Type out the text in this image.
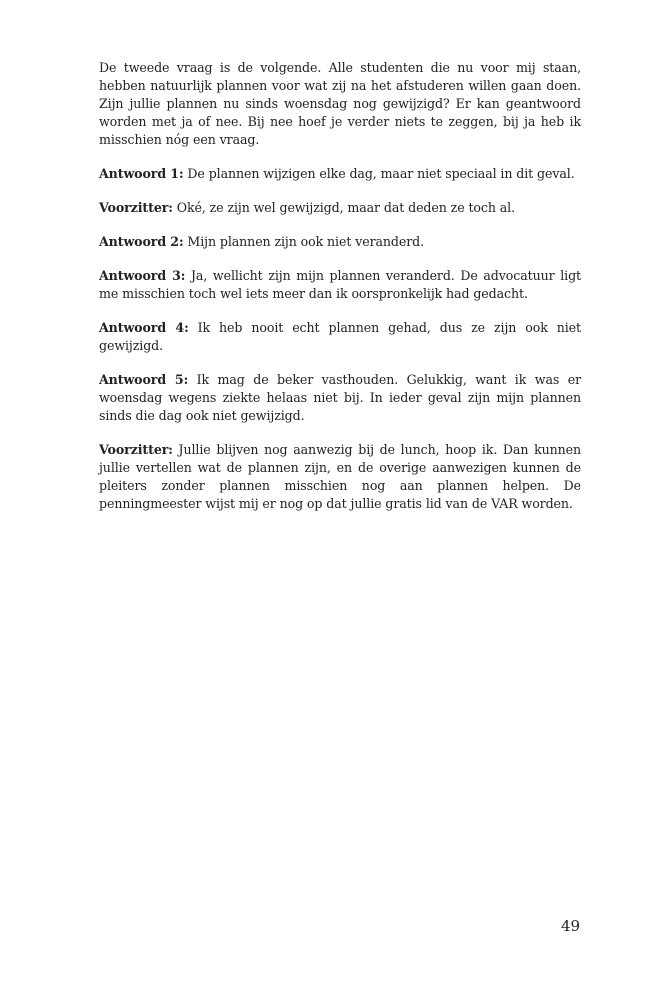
De tweede vraag is de volgende. Alle studenten die nu voor mij staan, hebben natuurlijk plannen voor wat zij na het afstuderen willen gaan doen. Zijn jullie plannen nu sinds woensdag nog gewijzigd? Er kan geantwoord worden met ja of nee. Bij nee hoef je verder niets te zeggen, bij ja heb ik misschien nóg een vraag.

Antwoord 1: De plannen wijzigen elke dag, maar niet speciaal in dit geval.

Voorzitter: Oké, ze zijn wel gewijzigd, maar dat deden ze toch al.

Antwoord 2: Mijn plannen zijn ook niet veranderd.

Antwoord 3: Ja, wellicht zijn mijn plannen veranderd. De advocatuur ligt me misschien toch wel iets meer dan ik oorspronkelijk had gedacht.

Antwoord 4: Ik heb nooit echt plannen gehad, dus ze zijn ook niet gewijzigd.

Antwoord 5: Ik mag de beker vasthouden. Gelukkig, want ik was er woensdag wegens ziekte helaas niet bij. In ieder geval zijn mijn plannen sinds die dag ook niet gewijzigd.

Voorzitter: Jullie blijven nog aanwezig bij de lunch, hoop ik. Dan kunnen jullie vertellen wat de plannen zijn, en de overige aanwezigen kunnen de pleiters zonder plannen misschien nog aan plannen helpen. De penningmeester wijst mij er nog op dat jullie gratis lid van de VAR worden.

49
